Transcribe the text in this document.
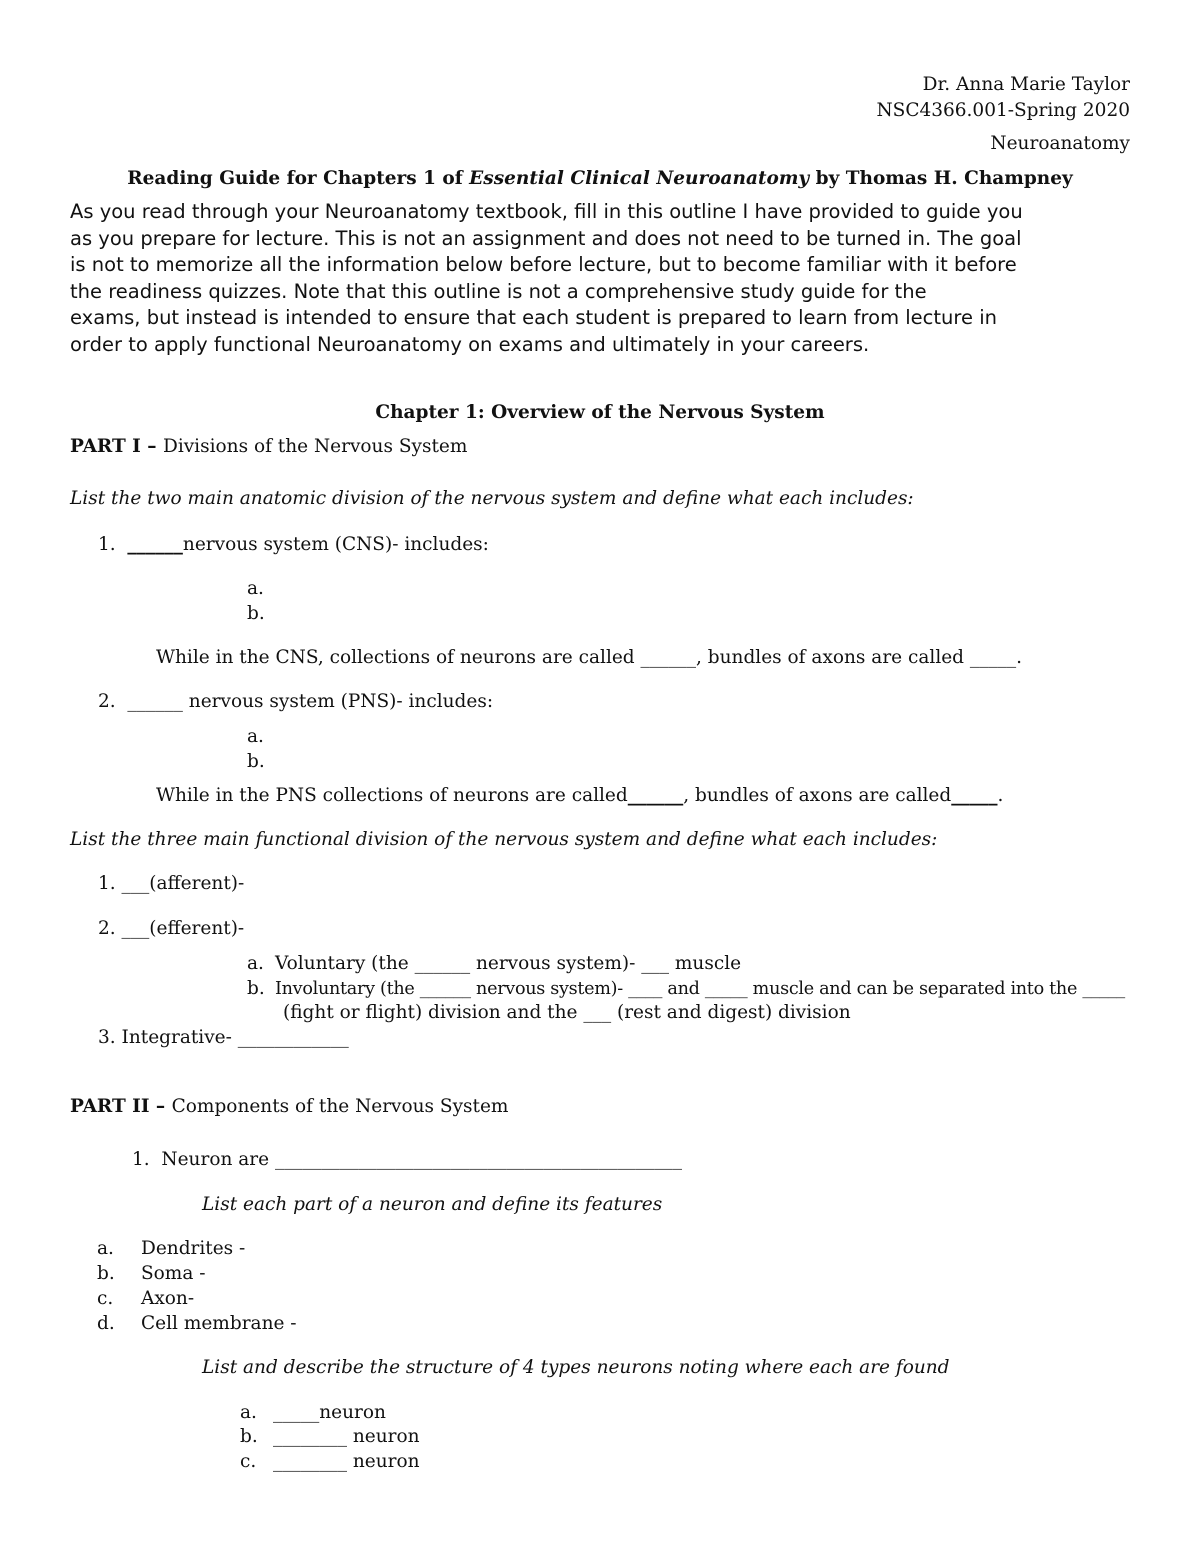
Dr. Anna Marie Taylor
NSC4366.001-Spring 2020
Neuroanatomy
Reading Guide for Chapters 1 of Essential Clinical Neuroanatomy by Thomas H. Champney
As you read through your Neuroanatomy textbook, fill in this outline I have provided to guide you
as you prepare for lecture. This is not an assignment and does not need to be turned in. The goal
is not to memorize all the information below before lecture, but to become familiar with it before
the readiness quizzes. Note that this outline is not a comprehensive study guide for the
exams, but instead is intended to ensure that each student is prepared to learn from lecture in
order to apply functional Neuroanatomy on exams and ultimately in your careers.
Chapter 1: Overview of the Nervous System
PART I – Divisions of the Nervous System
List the two main anatomic division of the nervous system and define what each includes:
1. ______nervous system (CNS)- includes:
a.
b.
While in the CNS, collections of neurons are called ______, bundles of axons are called _____.
2. ______ nervous system (PNS)- includes:
a.
b.
While in the PNS collections of neurons are called______, bundles of axons are called_____.
List the three main functional division of the nervous system and define what each includes:
1. ___(afferent)-
2. ___(efferent)-
a. Voluntary (the ______ nervous system)- ___ muscle
b. Involuntary (the ______ nervous system)- ____ and _____ muscle and can be separated into the _____
(fight or flight) division and the ___ (rest and digest) division
3. Integrative- ____________
PART II – Components of the Nervous System
1. Neuron are ____________________________________________
List each part of a neuron and define its features
a. Dendrites -
b. Soma -
c. Axon-
d. Cell membrane -
List and describe the structure of 4 types neurons noting where each are found
a. _____neuron
b. ________ neuron
c. ________ neuron
